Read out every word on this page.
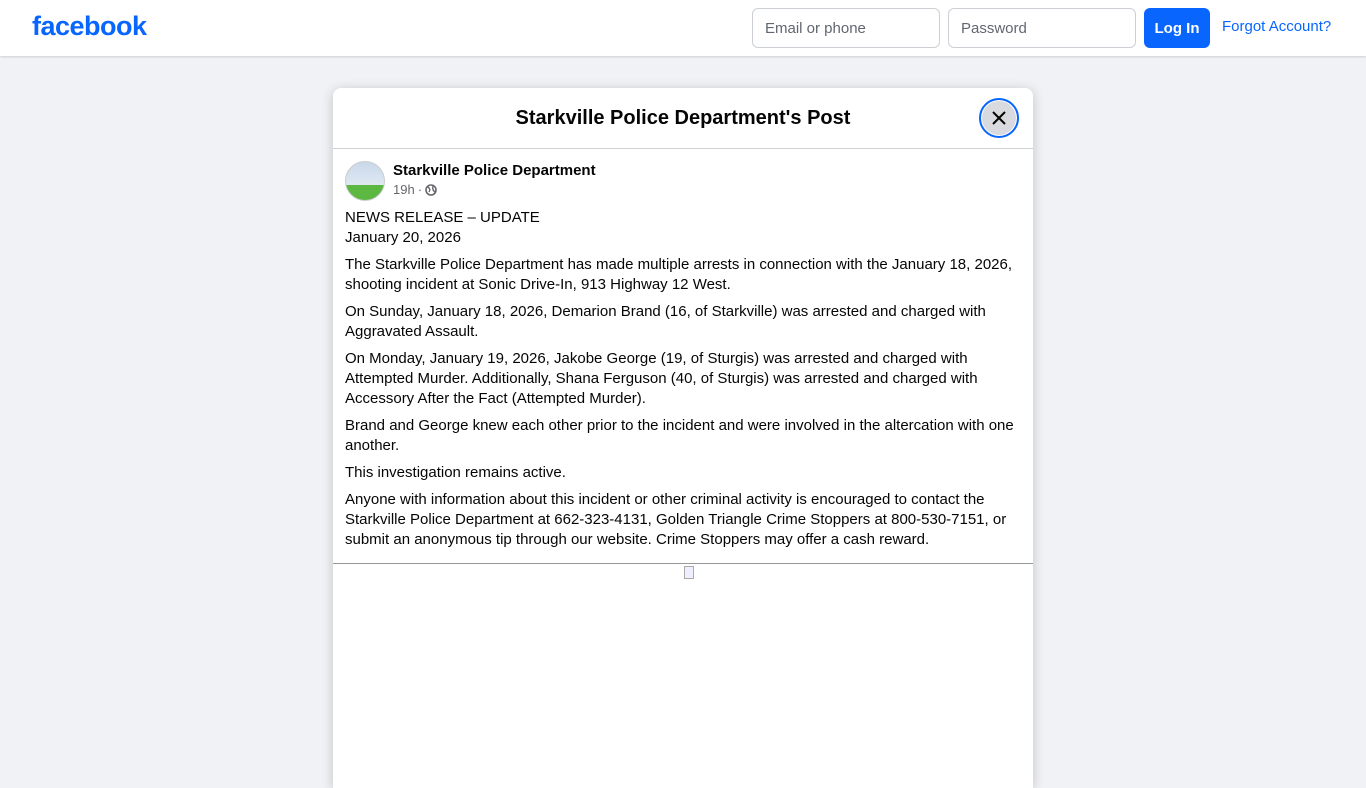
facebook
Email or phone	Log In	Forgot Account?
Starkville Police Department's Post
Starkville Police Department
19h ·
NEWS RELEASE – UPDATE

January 20, 2026

The Starkville Police Department has made multiple arrests in connection with the January 18, 2026, shooting incident at Sonic Drive-In, 913 Highway 12 West.

On Sunday, January 18, 2026, Demarion Brand (16, of Starkville) was arrested and charged with Aggravated Assault.

On Monday, January 19, 2026, Jakobe George (19, of Sturgis) was arrested and charged with Attempted Murder. Additionally, Shana Ferguson (40, of Sturgis) was arrested and charged with Accessory After the Fact (Attempted Murder).

Brand and George knew each other prior to the incident and were involved in the altercation with one another.

This investigation remains active.

Anyone with information about this incident or other criminal activity is encouraged to contact the Starkville Police Department at 662-323-4131, Golden Triangle Crime Stoppers at 800-530-7151, or submit an anonymous tip through our website. Crime Stoppers may offer a cash reward.
